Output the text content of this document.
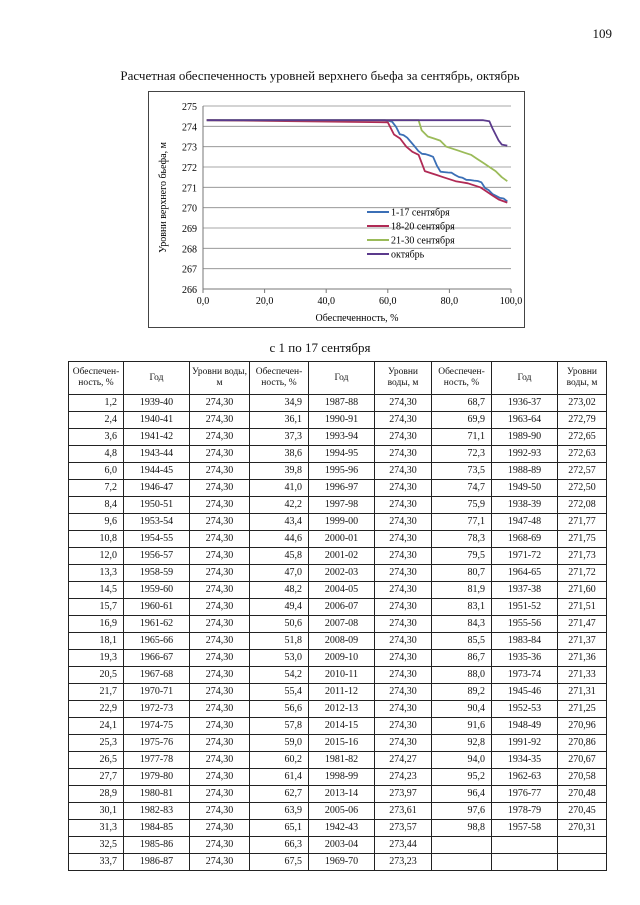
109
Расчетная обеспеченность уровней верхнего бьефа за сентябрь, октябрь
266
267
268
269
270
271
272
273
274
275
0,0	20,0	40,0	60,0	80,0	100,0
Обеспеченность, %
Уровни верхнего бьефа, м	1-17 сентября
18-20 сентября
21-30 сентября
октябрь
с 1 по 17 сентября
Обеспечен-ность, %	Год	Уровни воды, м	Обеспечен-ность, %	Год	Уровни воды, м	Обеспечен-ность, %	Год	Уровни воды, м
1,2	1939-40	274,30	34,9	1987-88	274,30	68,7	1936-37	273,02
2,4	1940-41	274,30	36,1	1990-91	274,30	69,9	1963-64	272,79
3,6	1941-42	274,30	37,3	1993-94	274,30	71,1	1989-90	272,65
4,8	1943-44	274,30	38,6	1994-95	274,30	72,3	1992-93	272,63
6,0	1944-45	274,30	39,8	1995-96	274,30	73,5	1988-89	272,57
7,2	1946-47	274,30	41,0	1996-97	274,30	74,7	1949-50	272,50
8,4	1950-51	274,30	42,2	1997-98	274,30	75,9	1938-39	272,08
9,6	1953-54	274,30	43,4	1999-00	274,30	77,1	1947-48	271,77
10,8	1954-55	274,30	44,6	2000-01	274,30	78,3	1968-69	271,75
12,0	1956-57	274,30	45,8	2001-02	274,30	79,5	1971-72	271,73
13,3	1958-59	274,30	47,0	2002-03	274,30	80,7	1964-65	271,72
14,5	1959-60	274,30	48,2	2004-05	274,30	81,9	1937-38	271,60
15,7	1960-61	274,30	49,4	2006-07	274,30	83,1	1951-52	271,51
16,9	1961-62	274,30	50,6	2007-08	274,30	84,3	1955-56	271,47
18,1	1965-66	274,30	51,8	2008-09	274,30	85,5	1983-84	271,37
19,3	1966-67	274,30	53,0	2009-10	274,30	86,7	1935-36	271,36
20,5	1967-68	274,30	54,2	2010-11	274,30	88,0	1973-74	271,33
21,7	1970-71	274,30	55,4	2011-12	274,30	89,2	1945-46	271,31
22,9	1972-73	274,30	56,6	2012-13	274,30	90,4	1952-53	271,25
24,1	1974-75	274,30	57,8	2014-15	274,30	91,6	1948-49	270,96
25,3	1975-76	274,30	59,0	2015-16	274,30	92,8	1991-92	270,86
26,5	1977-78	274,30	60,2	1981-82	274,27	94,0	1934-35	270,67
27,7	1979-80	274,30	61,4	1998-99	274,23	95,2	1962-63	270,58
28,9	1980-81	274,30	62,7	2013-14	273,97	96,4	1976-77	270,48
30,1	1982-83	274,30	63,9	2005-06	273,61	97,6	1978-79	270,45
31,3	1984-85	274,30	65,1	1942-43	273,57	98,8	1957-58	270,31
32,5	1985-86	274,30	66,3	2003-04	273,44			
33,7	1986-87	274,30	67,5	1969-70	273,23			
